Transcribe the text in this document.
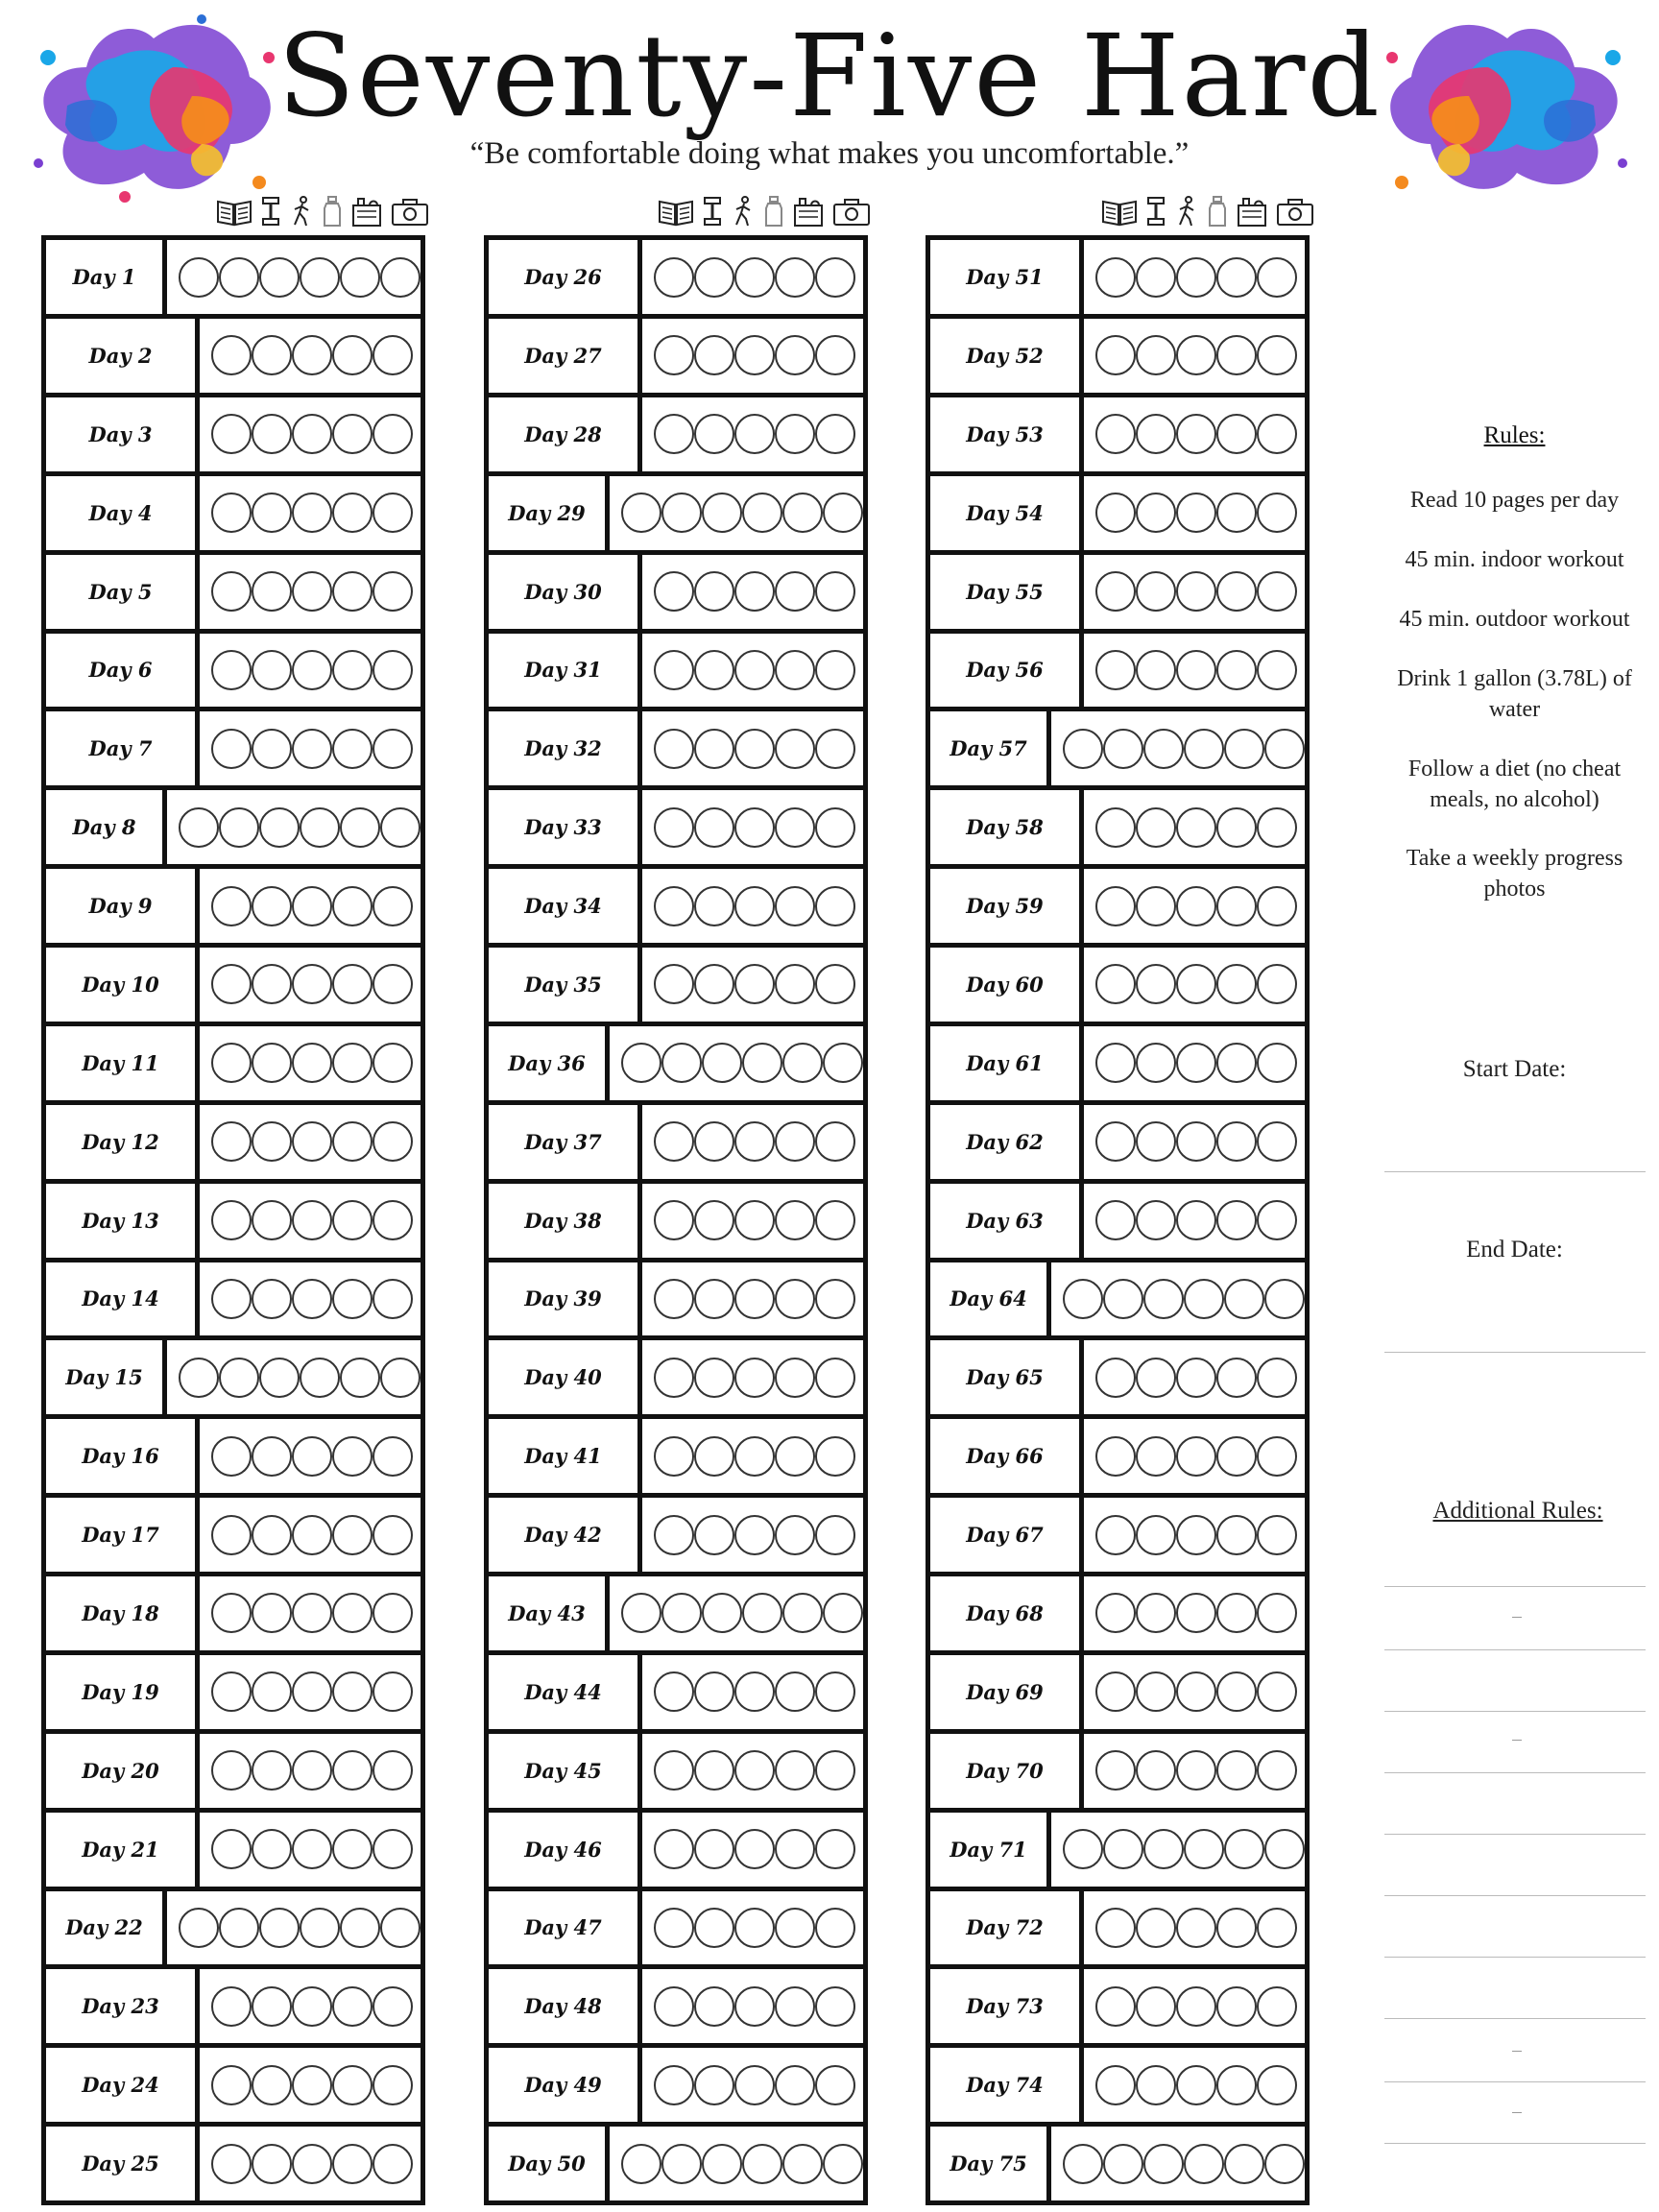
Seventy-Five Hard
“Be comfortable doing what makes you uncomfortable.”
Day 1
Day 2
Day 3
Day 4
Day 5
Day 6
Day 7
Day 8
Day 9
Day 10
Day 11
Day 12
Day 13
Day 14
Day 15
Day 16
Day 17
Day 18
Day 19
Day 20
Day 21
Day 22
Day 23
Day 24
Day 25
Day 26
Day 27
Day 28
Day 29
Day 30
Day 31
Day 32
Day 33
Day 34
Day 35
Day 36
Day 37
Day 38
Day 39
Day 40
Day 41
Day 42
Day 43
Day 44
Day 45
Day 46
Day 47
Day 48
Day 49
Day 50
Day 51
Day 52
Day 53
Day 54
Day 55
Day 56
Day 57
Day 58
Day 59
Day 60
Day 61
Day 62
Day 63
Day 64
Day 65
Day 66
Day 67
Day 68
Day 69
Day 70
Day 71
Day 72
Day 73
Day 74
Day 75
Rules:
Read 10 pages per day
45 min. indoor workout
45 min. outdoor workout
Drink 1 gallon (3.78L) of water
Follow a diet (no cheat meals, no alcohol)
Take a weekly progress photos
Start Date:
End Date:
Additional Rules:
